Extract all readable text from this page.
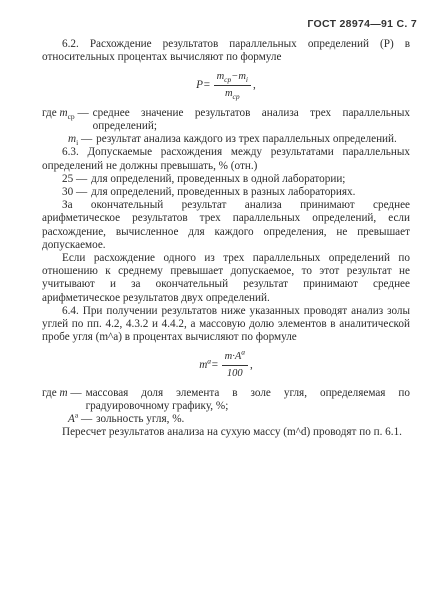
ГОСТ 28974—91 С. 7

6.2. Расхождение результатов параллельных определений (P) в относительных процентах вычисляют по формуле

$P= \frac{m_{ср}-m_i}{m_{ср}}$ ,
где $m_{ср}$ — среднее значение результатов анализа трех параллельных определений;
$m_i$ — результат анализа каждого из трех параллельных определений.

6.3. Допускаемые расхождения между результатами параллельных определений не должны превышать, % (отн.)

25 — для определений, проведенных в одной лаборатории;
30 — для определений, проведенных в разных лабораториях.

За окончательный результат анализа принимают среднее арифметическое результатов трех параллельных определений, если расхождение, вычисленное для каждого определения, не превышает допускаемое.

Если расхождение одного из трех параллельных определений по отношению к среднему превышает допускаемое, то этот результат не учитывают и за окончательный результат принимают среднее арифметическое результатов двух определений.

6.4. При получении результатов ниже указанных проводят анализ золы углей по пп. 4.2, 4.3.2 и 4.4.2, а массовую долю элементов в аналитической пробе угля (m^a) в процентах вычисляют по формуле

$m^a= \frac{m\cdot A^a}{100}$ ,
где m — массовая доля элемента в золе угля, определяемая по градуировочному графику, %;
$A^a$ — зольность угля, %.

Пересчет результатов анализа на сухую массу (m^d) проводят по п. 6.1.
